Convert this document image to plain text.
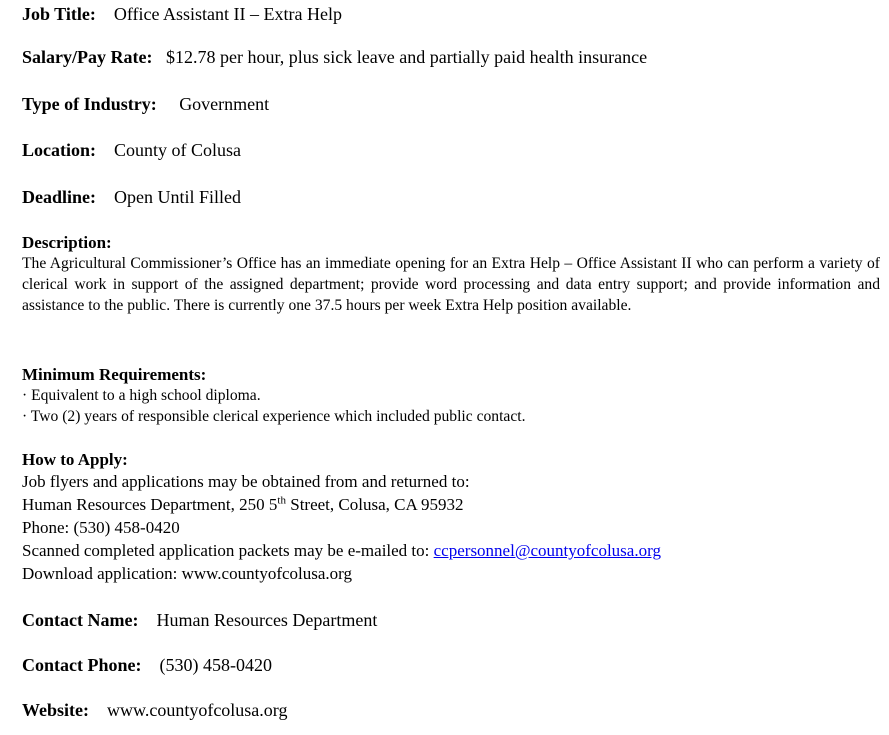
Job Title: Office Assistant II – Extra Help
Salary/Pay Rate: $12.78 per hour, plus sick leave and partially paid health insurance
Type of Industry: Government
Location: County of Colusa
Deadline: Open Until Filled
Description:
The Agricultural Commissioner’s Office has an immediate opening for an Extra Help – Office Assistant II who can perform a variety of clerical work in support of the assigned department; provide word processing and data entry support; and provide information and assistance to the public. There is currently one 37.5 hours per week Extra Help position available.
Minimum Requirements:
· Equivalent to a high school diploma.
· Two (2) years of responsible clerical experience which included public contact.
How to Apply:
Job flyers and applications may be obtained from and returned to:
Human Resources Department, 250 5th Street, Colusa, CA 95932
Phone: (530) 458-0420
Scanned completed application packets may be e-mailed to: ccpersonnel@countyofcolusa.org
Download application: www.countyofcolusa.org
Contact Name: Human Resources Department
Contact Phone: (530) 458-0420
Website: www.countyofcolusa.org
